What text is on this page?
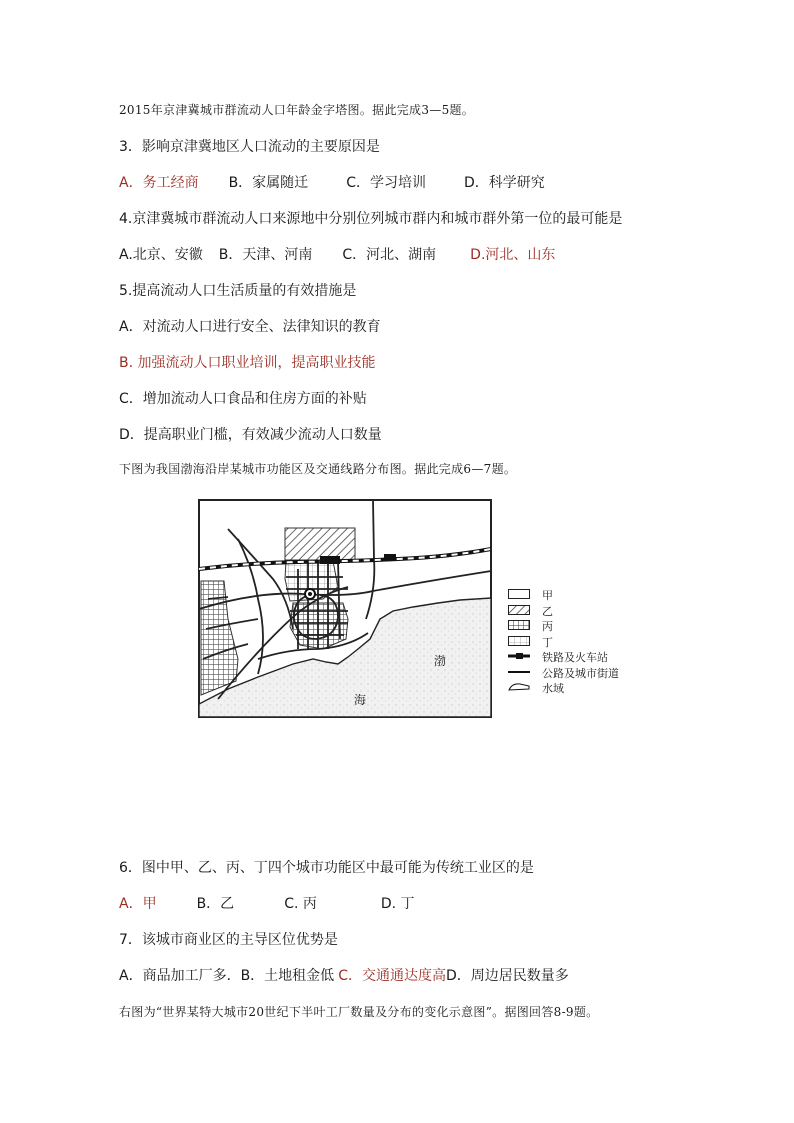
2015年京津冀城市群流动人口年龄金字塔图。据此完成3—5题。
3．影响京津冀地区人口流动的主要原因是
A．务工经商 B．家属随迁	C．学习培训	D．科学研究
4.京津冀城市群流动人口来源地中分别位列城市群内和城市群外第一位的最可能是
A.北京、安徽 B．天津、河南 C．河北、湖南 D.河北、山东
5.提高流动人口生活质量的有效措施是
A．对流动人口进行安全、法律知识的教育
B. 加强流动人口职业培训，提高职业技能
C．增加流动人口食品和住房方面的补贴
D．提高职业门槛，有效减少流动人口数量
下图为我国渤海沿岸某城市功能区及交通线路分布图。据此完成6—7题。
渤
海
甲
乙
丙
丁
铁路及火车站
公路及城市街道
水域
6．图中甲、乙、丙、丁四个城市功能区中最可能为传统工业区的是
A．甲	B．乙	C. 丙	D. 丁
7．该城市商业区的主导区位优势是
A．商品加工厂多．B．土地租金低 C．交通通达度高D．周边居民数量多
右图为“世界某特大城市20世纪下半叶工厂数量及分布的变化示意图”。据图回答8-9题。
